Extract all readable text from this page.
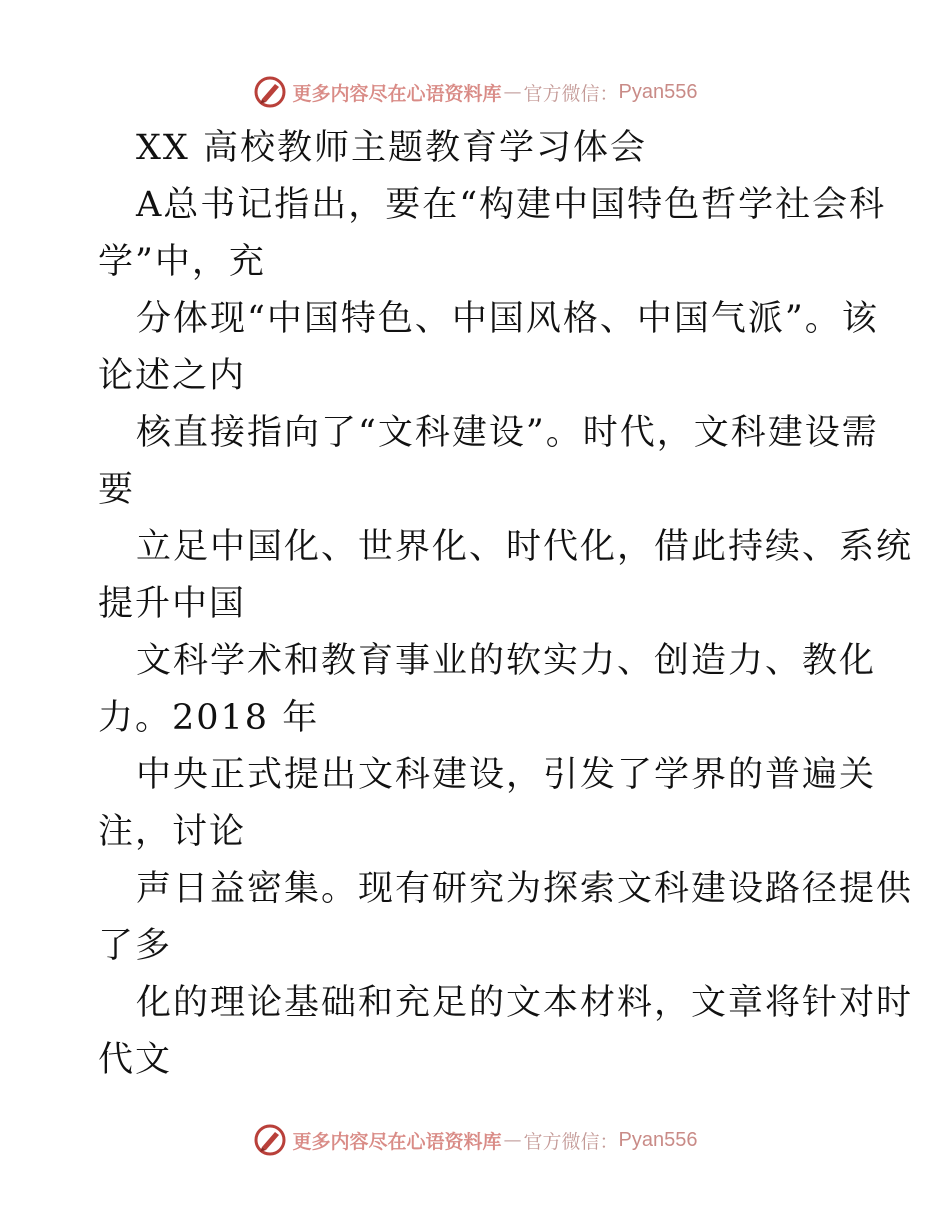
更多内容尽在心语资料库 — 官方微信： Pyan556
XX 高校教师主题教育学习体会
A总书记指出，要在“构建中国特色哲学社会科
学”中，充
分体现“中国特色、中国风格、中国气派”。该
论述之内
核直接指向了“文科建设”。时代，文科建设需
要
立足中国化、世界化、时代化，借此持续、系统
提升中国
文科学术和教育事业的软实力、创造力、教化
力。2018 年
中央正式提出文科建设，引发了学界的普遍关
注，讨论
声日益密集。现有研究为探索文科建设路径提供
了多
化的理论基础和充足的文本材料，文章将针对时
代文
更多内容尽在心语资料库 — 官方微信： Pyan556
